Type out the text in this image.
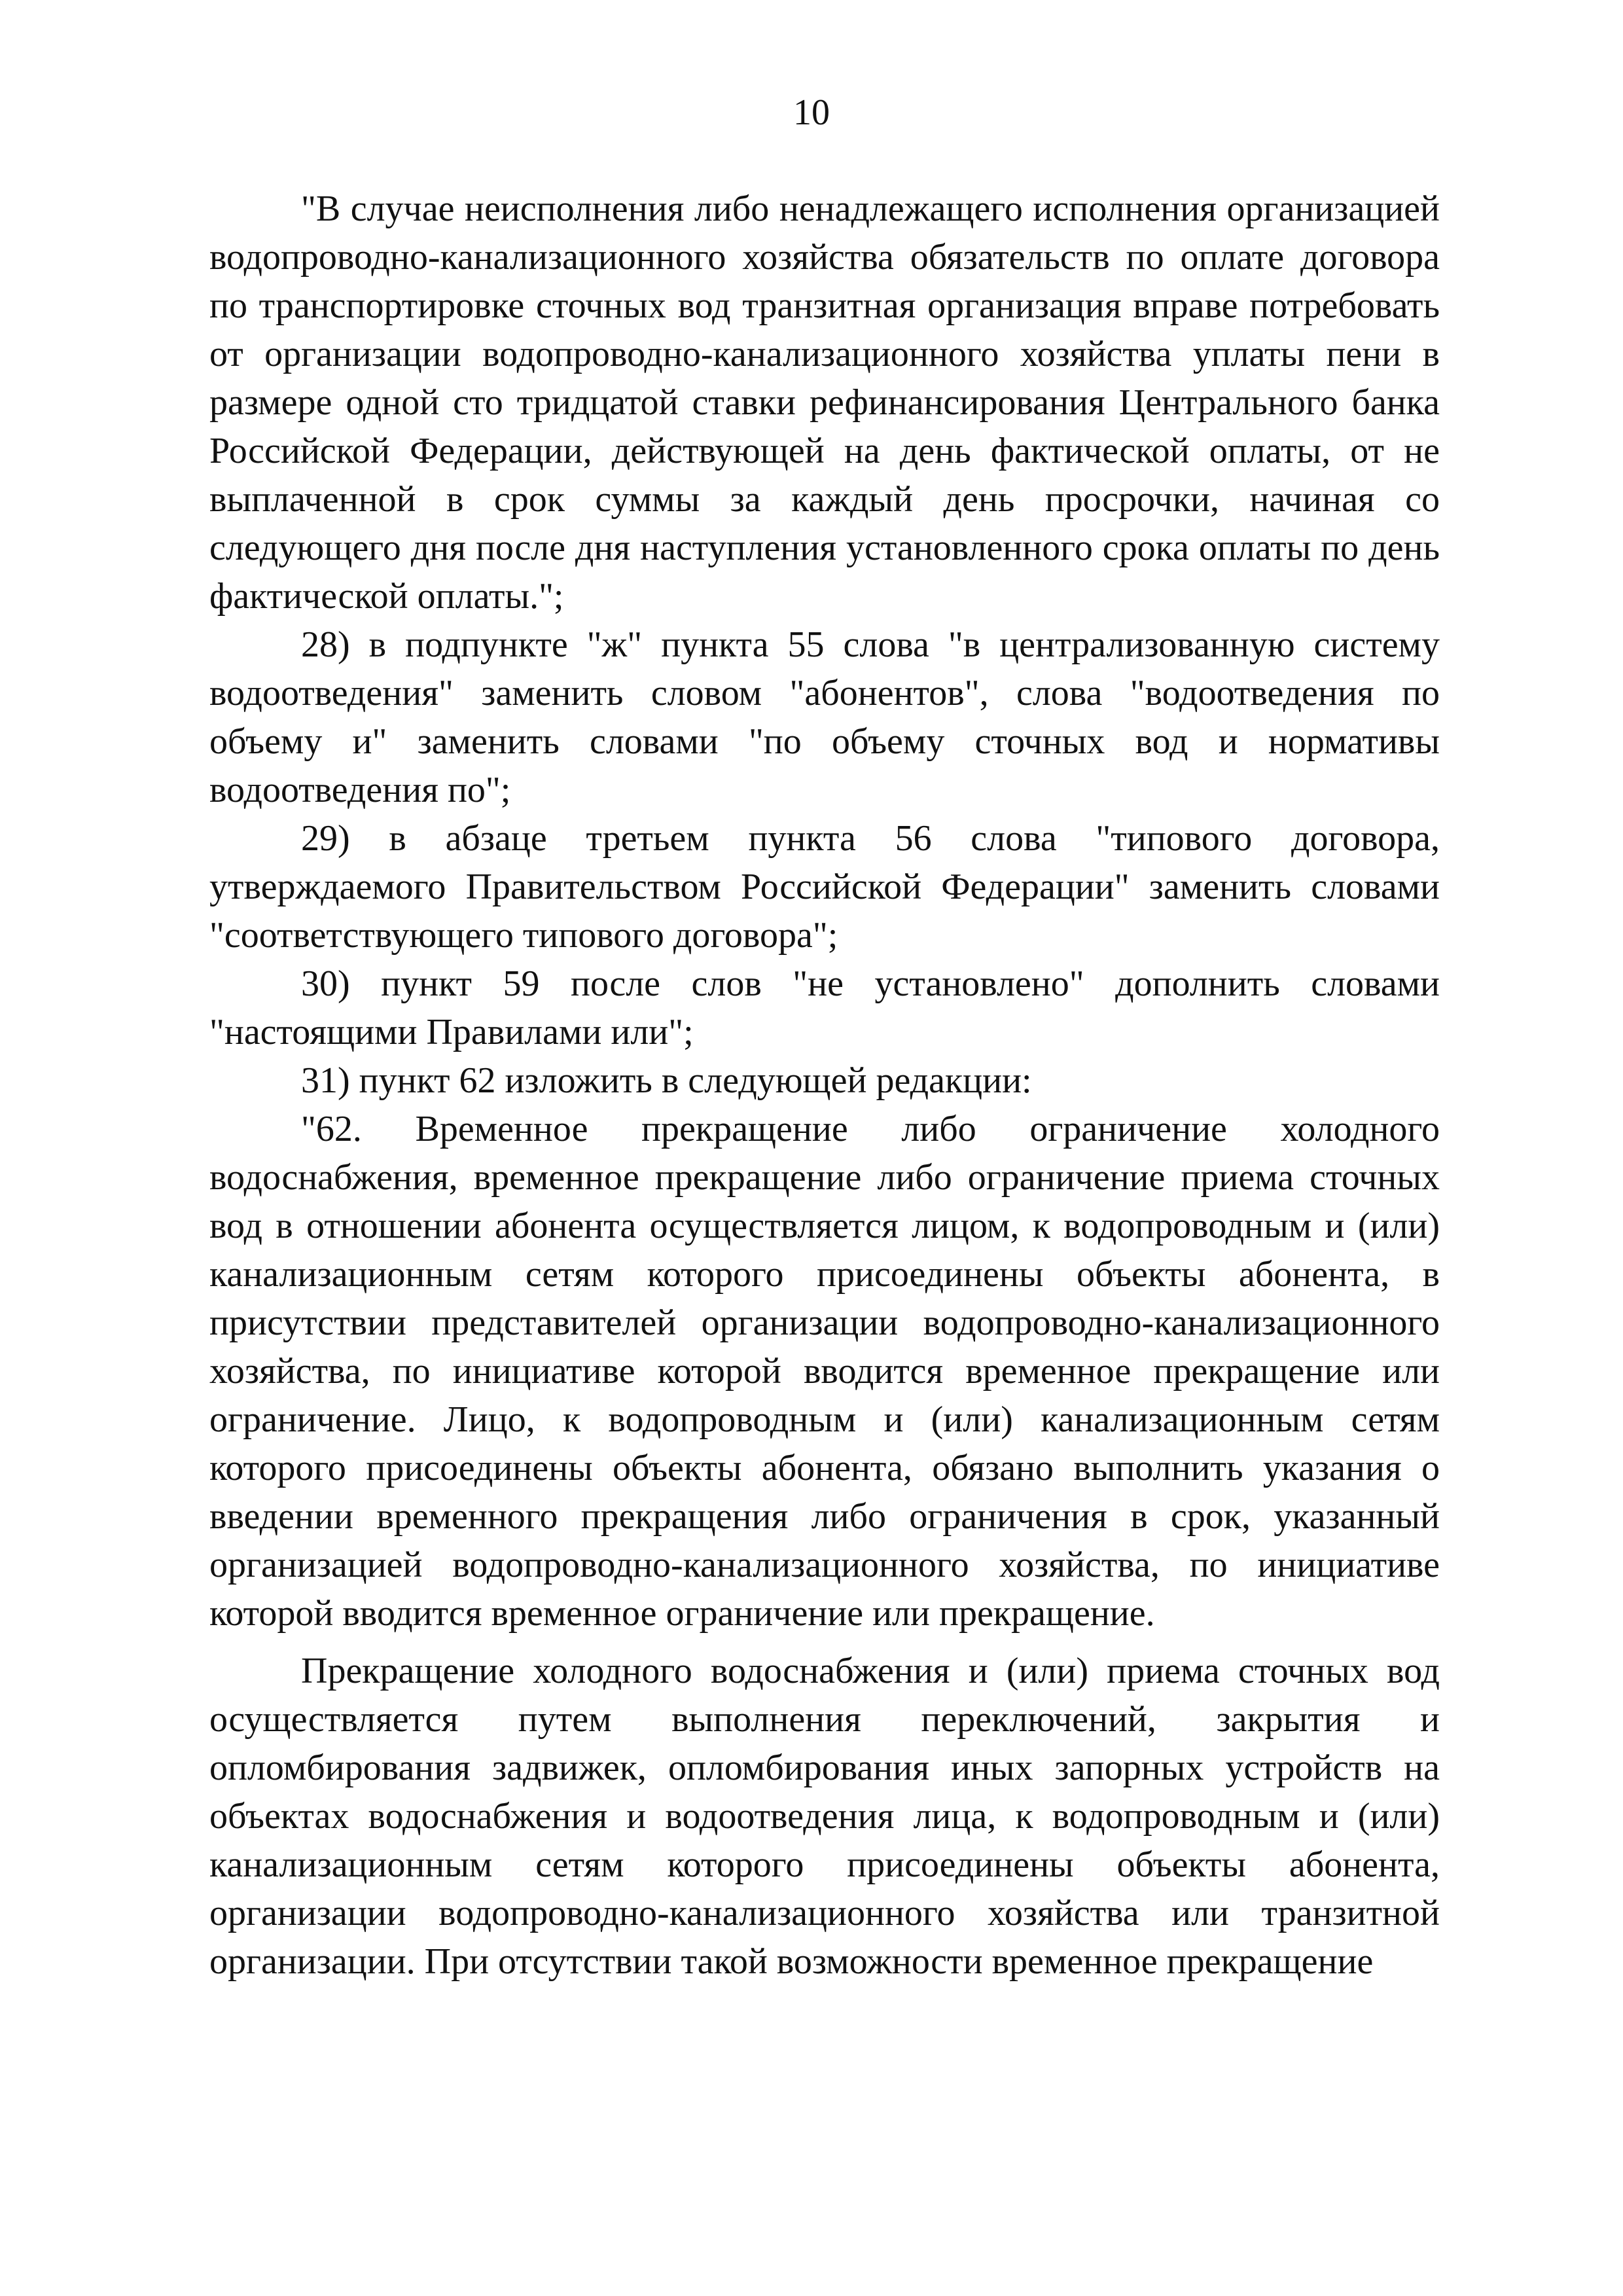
10

"В случае неисполнения либо ненадлежащего исполнения организацией водопроводно-канализационного хозяйства обязательств по оплате договора по транспортировке сточных вод транзитная организация вправе потребовать от организации водопроводно-канализационного хозяйства уплаты пени в размере одной сто тридцатой ставки рефинансирования Центрального банка Российской Федерации, действующей на день фактической оплаты, от не выплаченной в срок суммы за каждый день просрочки, начиная со следующего дня после дня наступления установленного срока оплаты по день фактической оплаты.";

28) в подпункте "ж" пункта 55 слова "в централизованную систему водоотведения" заменить словом "абонентов", слова "водоотведения по объему и" заменить словами "по объему сточных вод и нормативы водоотведения по";

29) в абзаце третьем пункта 56 слова "типового договора, утверждаемого Правительством Российской Федерации" заменить словами "соответствующего типового договора";

30) пункт 59 после слов "не установлено" дополнить словами "настоящими Правилами или";

31) пункт 62 изложить в следующей редакции:

"62. Временное прекращение либо ограничение холодного водоснабжения, временное прекращение либо ограничение приема сточных вод в отношении абонента осуществляется лицом, к водопроводным и (или) канализационным сетям которого присоединены объекты абонента, в присутствии представителей организации водопроводно-канализационного хозяйства, по инициативе которой вводится временное прекращение или ограничение. Лицо, к водопроводным и (или) канализационным сетям которого присоединены объекты абонента, обязано выполнить указания о введении временного прекращения либо ограничения в срок, указанный организацией водопроводно-канализационного хозяйства, по инициативе которой вводится временное ограничение или прекращение.

Прекращение холодного водоснабжения и (или) приема сточных вод осуществляется путем выполнения переключений, закрытия и опломбирования задвижек, опломбирования иных запорных устройств на объектах водоснабжения и водоотведения лица, к водопроводным и (или) канализационным сетям которого присоединены объекты абонента, организации водопроводно-канализационного хозяйства или транзитной организации. При отсутствии такой возможности временное прекращение
